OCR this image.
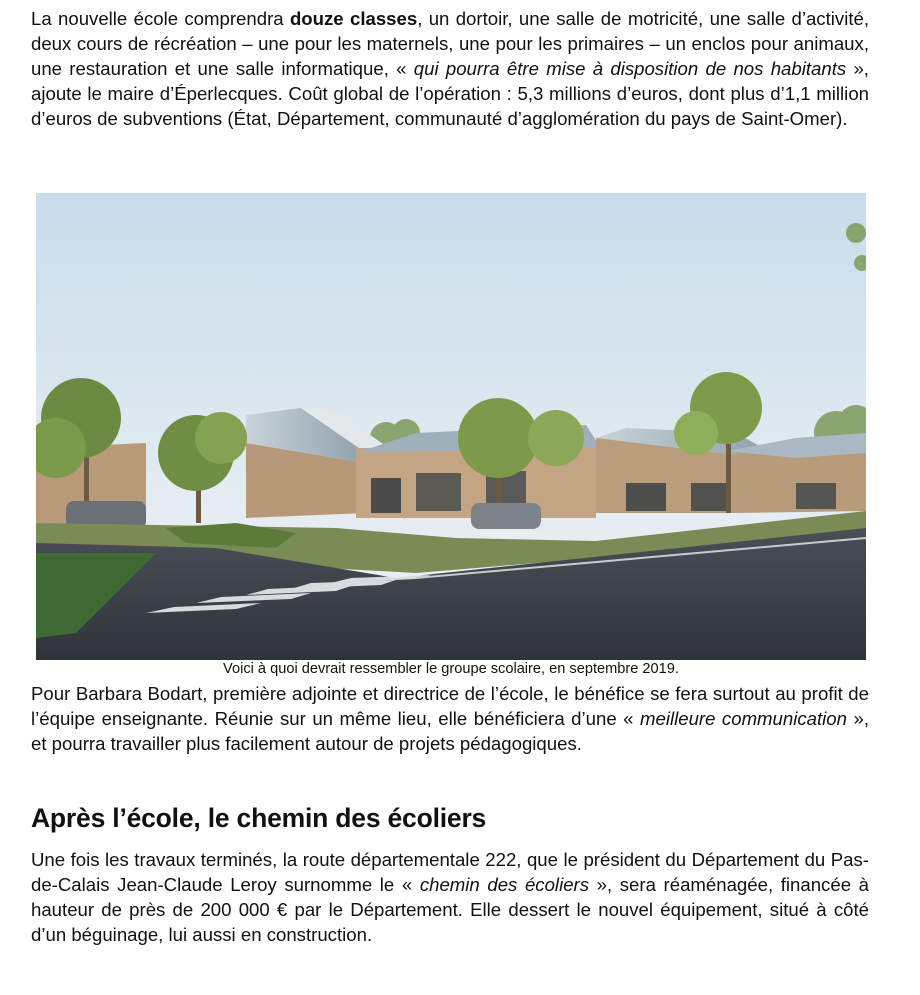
La nouvelle école comprendra douze classes, un dortoir, une salle de motricité, une salle d’activité, deux cours de récréation – une pour les maternels, une pour les primaires – un enclos pour animaux, une restauration et une salle informatique, « qui pourra être mise à disposition de nos habitants », ajoute le maire d’Éperlecques. Coût global de l’opération : 5,3 millions d’euros, dont plus d’1,1 million d’euros de subventions (État, Département, communauté d’agglomération du pays de Saint-Omer).

Voici à quoi devrait ressembler le groupe scolaire, en septembre 2019.

Pour Barbara Bodart, première adjointe et directrice de l’école, le bénéfice se fera surtout au profit de l’équipe enseignante. Réunie sur un même lieu, elle bénéficiera d’une « meilleure communication », et pourra travailler plus facilement autour de projets pédagogiques.

Après l’école, le chemin des écoliers

Une fois les travaux terminés, la route départementale 222, que le président du Département du Pas-de-Calais Jean-Claude Leroy surnomme le « chemin des écoliers », sera réaménagée, financée à hauteur de près de 200 000 € par le Département. Elle dessert le nouvel équipement, situé à côté d’un béguinage, lui aussi en construction.
